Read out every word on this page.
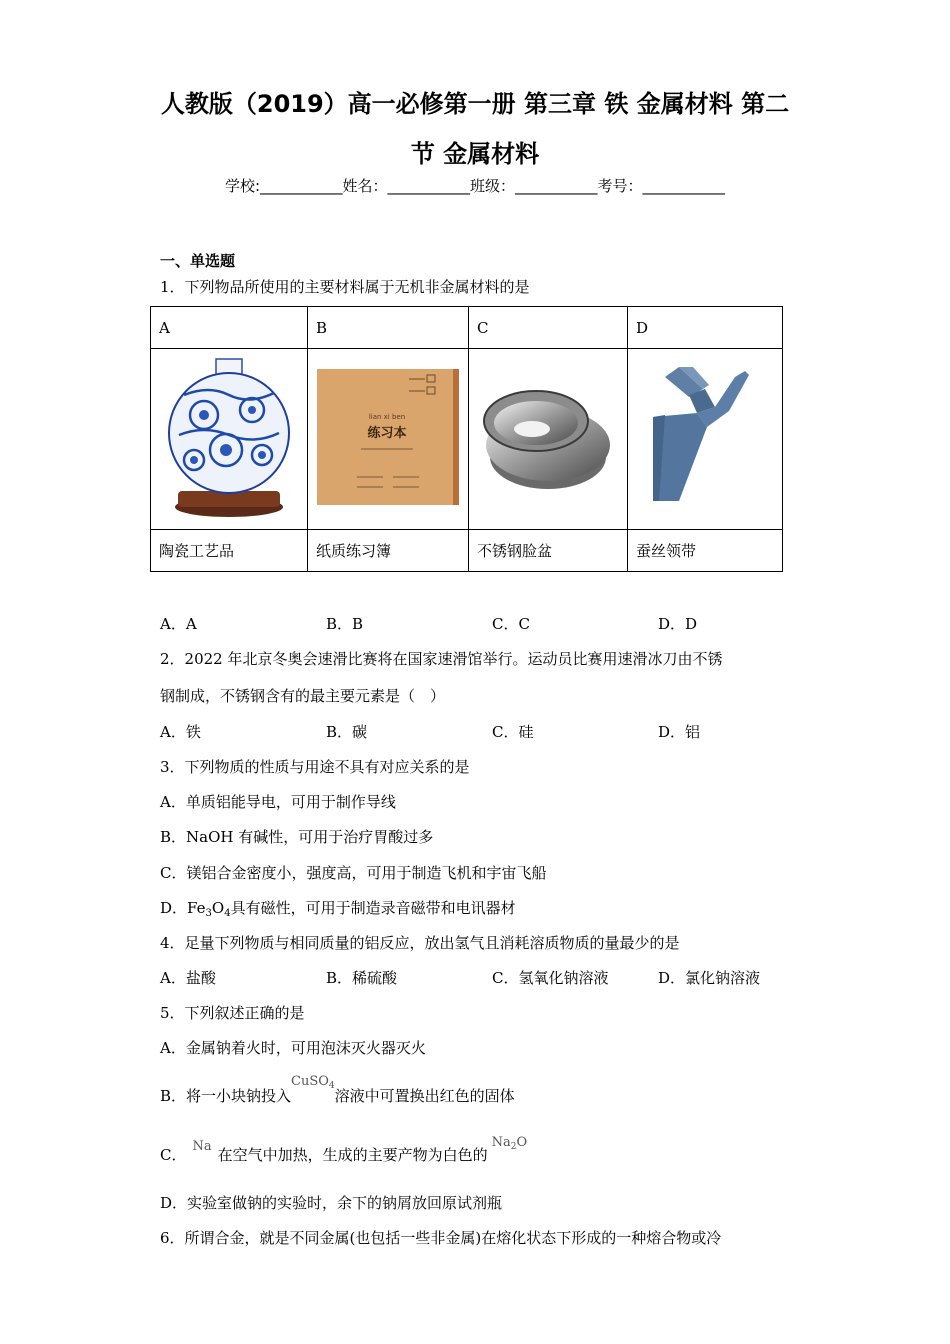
人教版（2019）高一必修第一册 第三章 铁 金属材料 第二
节 金属材料
学校:___________姓名：___________班级：___________考号：___________
一、单选题
1．下列物品所使用的主要材料属于无机非金属材料的是
A	B	C	D

lian xi ben
练习本

陶瓷工艺品	纸质练习簿	不锈钢脸盆	蚕丝领带
A．A	B．B	C．C	D．D
2．2022 年北京冬奥会速滑比赛将在国家速滑馆举行。运动员比赛用速滑冰刀由不锈
钢制成，不锈钢含有的最主要元素是（　）
A．铁	B．碳	C．硅	D．铝
3．下列物质的性质与用途不具有对应关系的是
A．单质铝能导电，可用于制作导线
B．NaOH 有碱性，可用于治疗胃酸过多
C．镁铝合金密度小，强度高，可用于制造飞机和宇宙飞船
D．$Fe_3O_4$具有磁性，可用于制造录音磁带和电讯器材
4．足量下列物质与相同质量的铝反应，放出氢气且消耗溶质物质的量最少的是
A．盐酸	B．稀硫酸	C．氢氧化钠溶液	D．氯化钠溶液
5．下列叙述正确的是
A．金属钠着火时，可用泡沫灭火器灭火
B．将一小块钠投入CuSO$_4$溶液中可置换出红色的固体
C． Na 在空气中加热，生成的主要产物为白色的$Na_2O$
D．实验室做钠的实验时，余下的钠屑放回原试剂瓶
6．所谓合金，就是不同金属(也包括一些非金属)在熔化状态下形成的一种熔合物或冷
